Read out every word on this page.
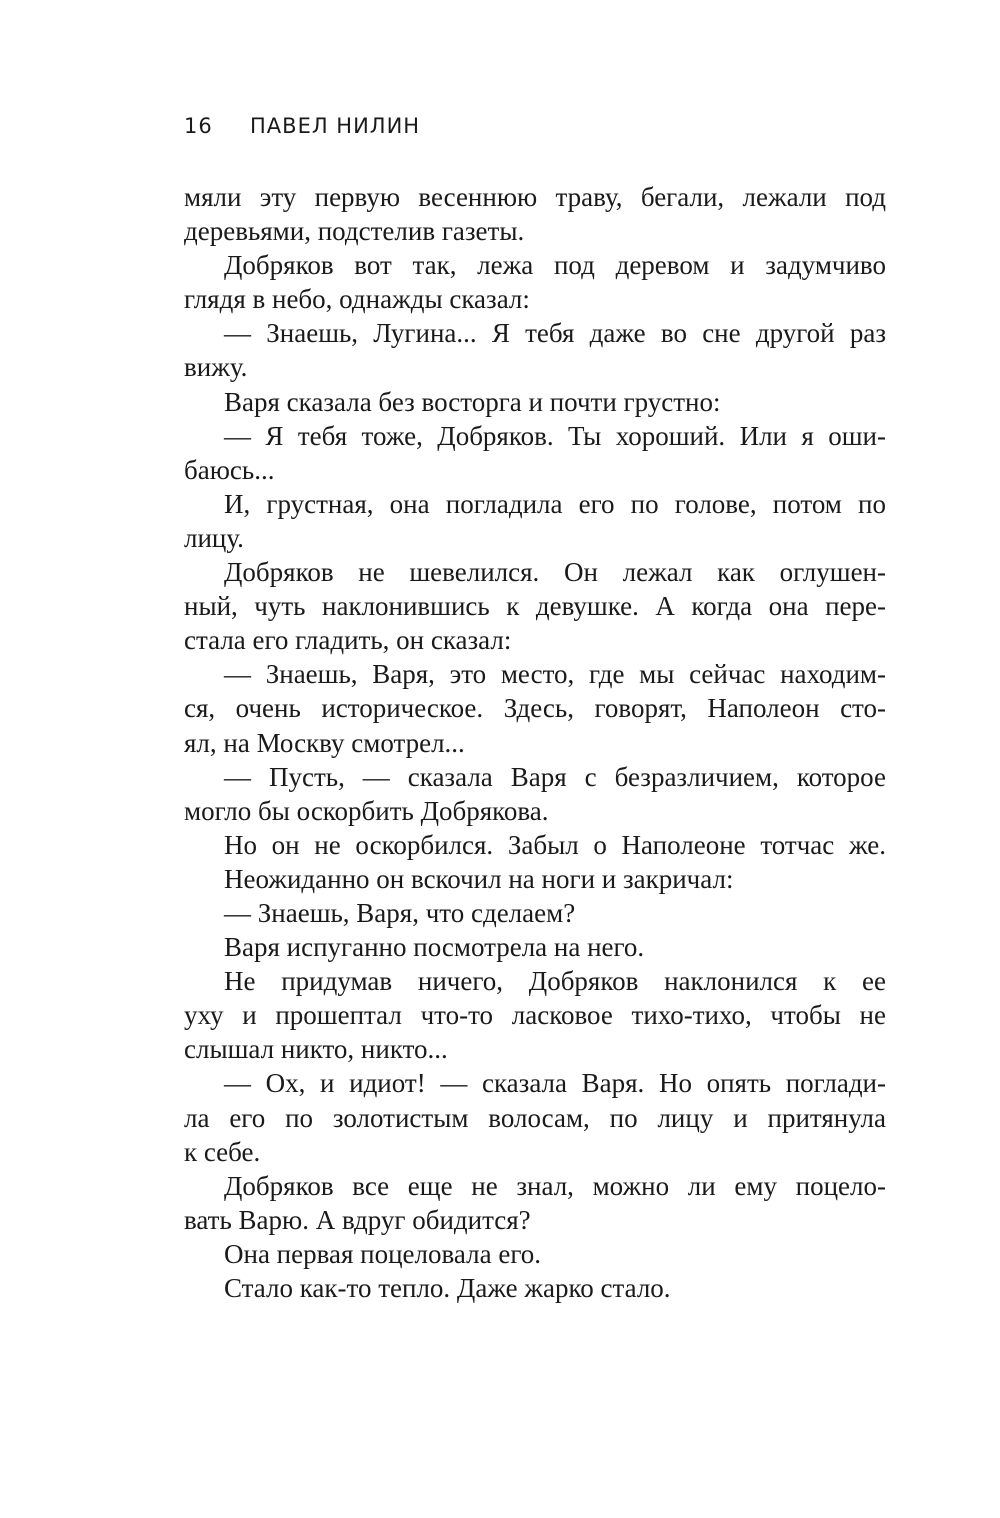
16 ПАВЕЛ НИЛИН
мяли эту первую весеннюю траву, бегали, лежали под
деревьями, подстелив газеты.
Добряков вот так, лежа под деревом и задумчиво
глядя в небо, однажды сказал:
— Знаешь, Лугина... Я тебя даже во сне другой раз
вижу.
Варя сказала без восторга и почти грустно:
— Я тебя тоже, Добряков. Ты хороший. Или я оши-
баюсь...
И, грустная, она погладила его по голове, потом по
лицу.
Добряков не шевелился. Он лежал как оглушен-
ный, чуть наклонившись к девушке. А когда она пере-
стала его гладить, он сказал:
— Знаешь, Варя, это место, где мы сейчас находим-
ся, очень историческое. Здесь, говорят, Наполеон сто-
ял, на Москву смотрел...
— Пусть, — сказала Варя с безразличием, которое
могло бы оскорбить Добрякова.
Но он не оскорбился. Забыл о Наполеоне тотчас же.
Неожиданно он вскочил на ноги и закричал:
— Знаешь, Варя, что сделаем?
Варя испуганно посмотрела на него.
Не придумав ничего, Добряков наклонился к ее
уху и прошептал что-то ласковое тихо-тихо, чтобы не
слышал никто, никто...
— Ох, и идиот! — сказала Варя. Но опять поглади-
ла его по золотистым волосам, по лицу и притянула
к себе.
Добряков все еще не знал, можно ли ему поцело-
вать Варю. А вдруг обидится?
Она первая поцеловала его.
Стало как-то тепло. Даже жарко стало.
